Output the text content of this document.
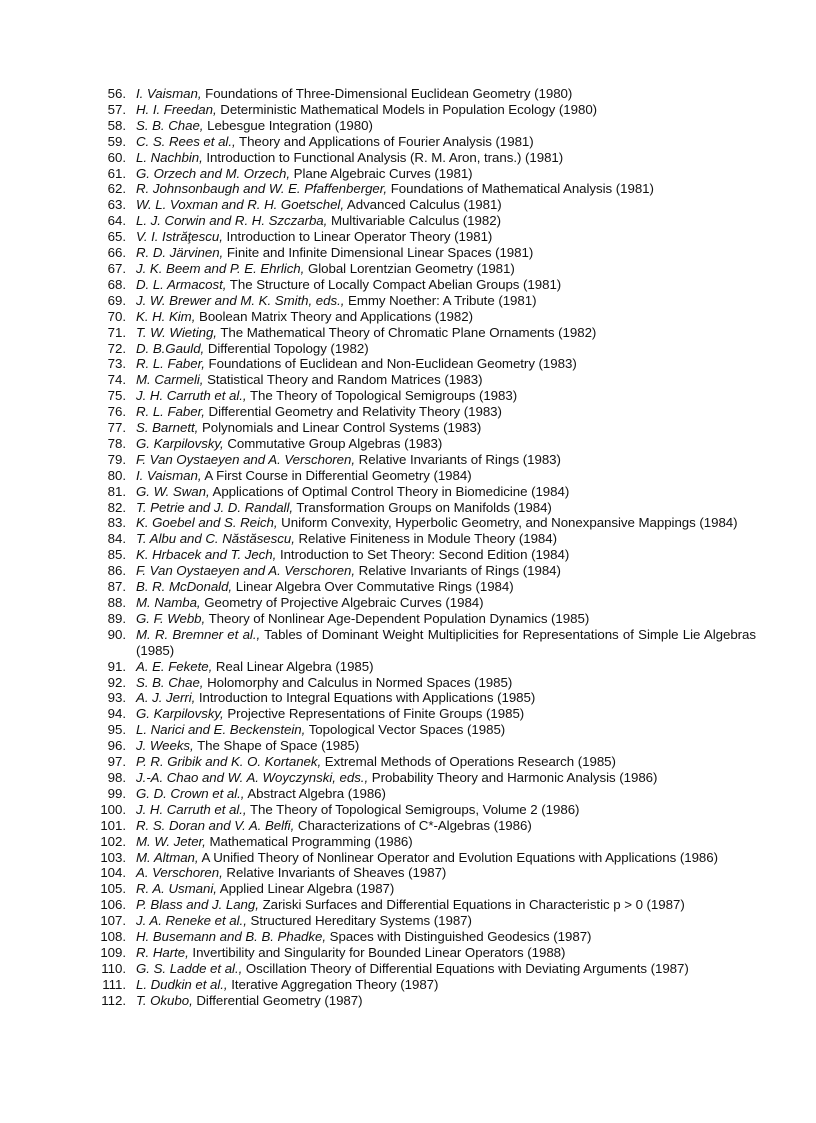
56. I. Vaisman, Foundations of Three-Dimensional Euclidean Geometry (1980)
57. H. I. Freedan, Deterministic Mathematical Models in Population Ecology (1980)
58. S. B. Chae, Lebesgue Integration (1980)
59. C. S. Rees et al., Theory and Applications of Fourier Analysis (1981)
60. L. Nachbin, Introduction to Functional Analysis (R. M. Aron, trans.) (1981)
61. G. Orzech and M. Orzech, Plane Algebraic Curves (1981)
62. R. Johnsonbaugh and W. E. Pfaffenberger, Foundations of Mathematical Analysis (1981)
63. W. L. Voxman and R. H. Goetschel, Advanced Calculus (1981)
64. L. J. Corwin and R. H. Szczarba, Multivariable Calculus (1982)
65. V. I. Istrăţescu, Introduction to Linear Operator Theory (1981)
66. R. D. Järvinen, Finite and Infinite Dimensional Linear Spaces (1981)
67. J. K. Beem and P. E. Ehrlich, Global Lorentzian Geometry (1981)
68. D. L. Armacost, The Structure of Locally Compact Abelian Groups (1981)
69. J. W. Brewer and M. K. Smith, eds., Emmy Noether: A Tribute (1981)
70. K. H. Kim, Boolean Matrix Theory and Applications (1982)
71. T. W. Wieting, The Mathematical Theory of Chromatic Plane Ornaments (1982)
72. D. B.Gauld, Differential Topology (1982)
73. R. L. Faber, Foundations of Euclidean and Non-Euclidean Geometry (1983)
74. M. Carmeli, Statistical Theory and Random Matrices (1983)
75. J. H. Carruth et al., The Theory of Topological Semigroups (1983)
76. R. L. Faber, Differential Geometry and Relativity Theory (1983)
77. S. Barnett, Polynomials and Linear Control Systems (1983)
78. G. Karpilovsky, Commutative Group Algebras (1983)
79. F. Van Oystaeyen and A. Verschoren, Relative Invariants of Rings (1983)
80. I. Vaisman, A First Course in Differential Geometry (1984)
81. G. W. Swan, Applications of Optimal Control Theory in Biomedicine (1984)
82. T. Petrie and J. D. Randall, Transformation Groups on Manifolds (1984)
83. K. Goebel and S. Reich, Uniform Convexity, Hyperbolic Geometry, and Nonexpansive Mappings (1984)
84. T. Albu and C. Năstăsescu, Relative Finiteness in Module Theory (1984)
85. K. Hrbacek and T. Jech, Introduction to Set Theory: Second Edition (1984)
86. F. Van Oystaeyen and A. Verschoren, Relative Invariants of Rings (1984)
87. B. R. McDonald, Linear Algebra Over Commutative Rings (1984)
88. M. Namba, Geometry of Projective Algebraic Curves (1984)
89. G. F. Webb, Theory of Nonlinear Age-Dependent Population Dynamics (1985)
90. M. R. Bremner et al., Tables of Dominant Weight Multiplicities for Representations of Simple Lie Algebras (1985)
91. A. E. Fekete, Real Linear Algebra (1985)
92. S. B. Chae, Holomorphy and Calculus in Normed Spaces (1985)
93. A. J. Jerri, Introduction to Integral Equations with Applications (1985)
94. G. Karpilovsky, Projective Representations of Finite Groups (1985)
95. L. Narici and E. Beckenstein, Topological Vector Spaces (1985)
96. J. Weeks, The Shape of Space (1985)
97. P. R. Gribik and K. O. Kortanek, Extremal Methods of Operations Research (1985)
98. J.-A. Chao and W. A. Woyczynski, eds., Probability Theory and Harmonic Analysis (1986)
99. G. D. Crown et al., Abstract Algebra (1986)
100. J. H. Carruth et al., The Theory of Topological Semigroups, Volume 2 (1986)
101. R. S. Doran and V. A. Belfi, Characterizations of C*-Algebras (1986)
102. M. W. Jeter, Mathematical Programming (1986)
103. M. Altman, A Unified Theory of Nonlinear Operator and Evolution Equations with Applications (1986)
104. A. Verschoren, Relative Invariants of Sheaves (1987)
105. R. A. Usmani, Applied Linear Algebra (1987)
106. P. Blass and J. Lang, Zariski Surfaces and Differential Equations in Characteristic p > 0 (1987)
107. J. A. Reneke et al., Structured Hereditary Systems (1987)
108. H. Busemann and B. B. Phadke, Spaces with Distinguished Geodesics (1987)
109. R. Harte, Invertibility and Singularity for Bounded Linear Operators (1988)
110. G. S. Ladde et al., Oscillation Theory of Differential Equations with Deviating Arguments (1987)
111. L. Dudkin et al., Iterative Aggregation Theory (1987)
112. T. Okubo, Differential Geometry (1987)
